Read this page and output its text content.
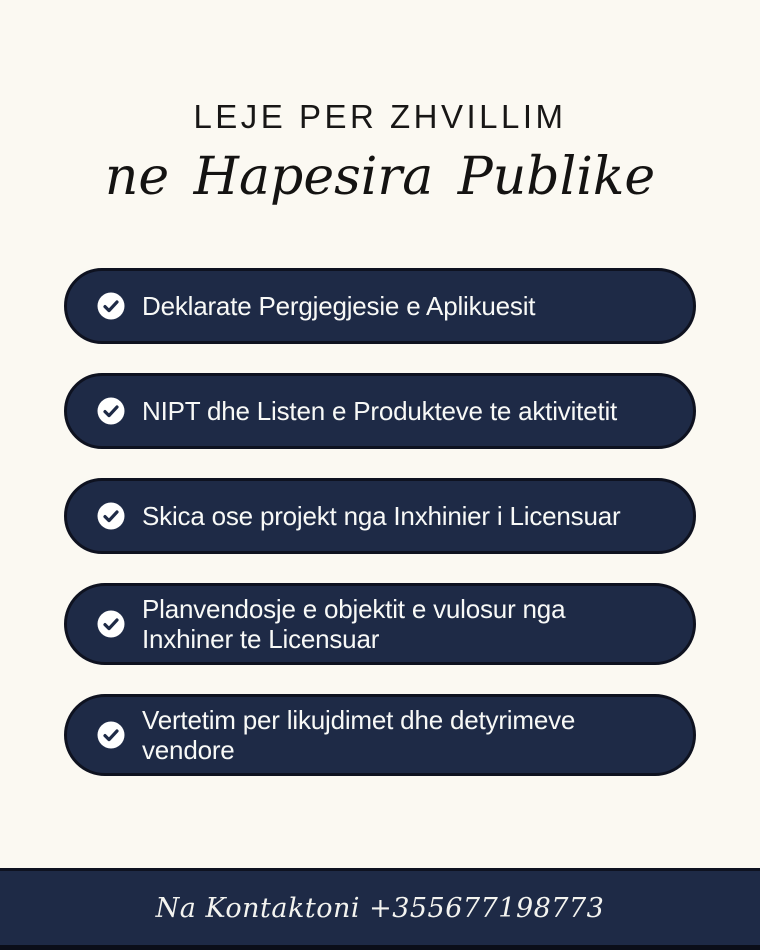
LEJE PER ZHVILLIM
ne Hapesira Publike
Deklarate Pergjegjesie e Aplikuesit
NIPT dhe Listen e Produkteve te aktivitetit
Skica ose projekt nga Inxhinier i Licensuar
Planvendosje e objektit e vulosur nga Inxhiner te Licensuar
Vertetim per likujdimet dhe detyrimeve vendore
Na Kontaktoni +355677198773
